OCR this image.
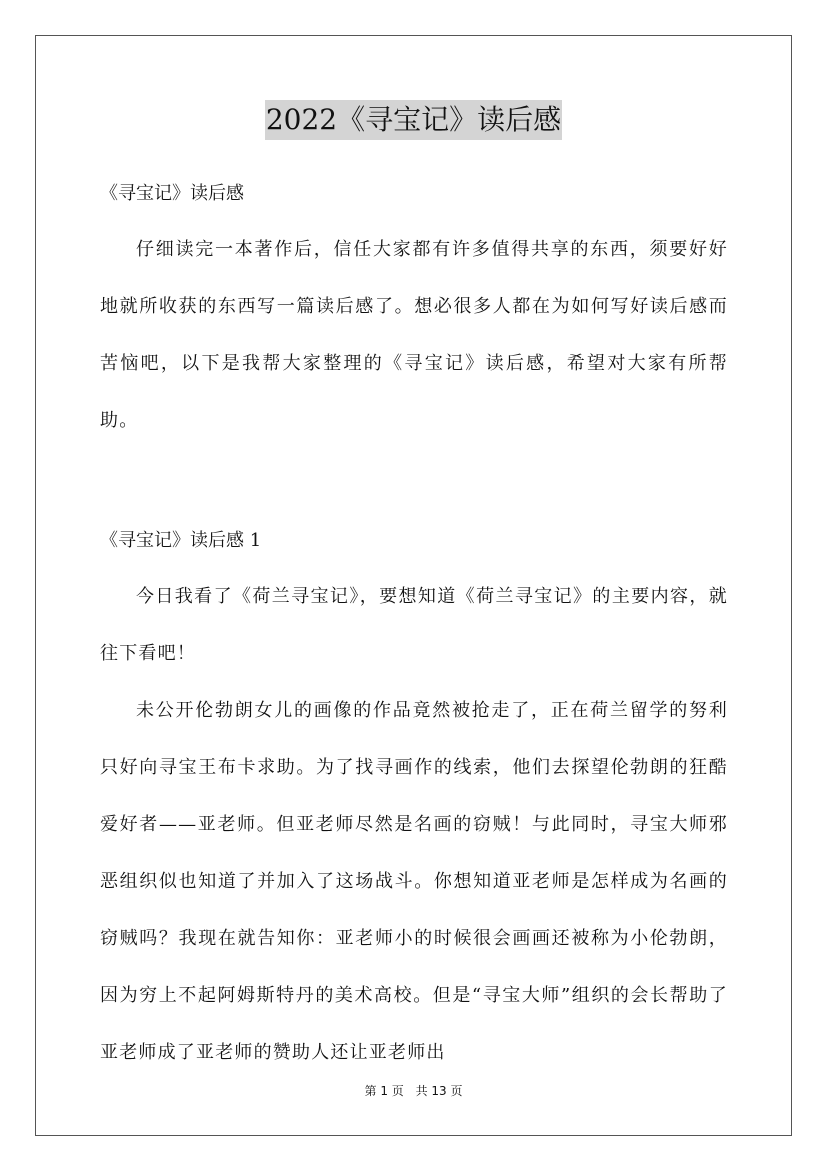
2022《寻宝记》读后感

《寻宝记》读后感

仔细读完一本著作后，信任大家都有许多值得共享的东西，须要好好地就所收获的东西写一篇读后感了。想必很多人都在为如何写好读后感而苦恼吧，以下是我帮大家整理的《寻宝记》读后感，希望对大家有所帮助。

《寻宝记》读后感 1

今日我看了《荷兰寻宝记》，要想知道《荷兰寻宝记》的主要内容，就往下看吧！

未公开伦勃朗女儿的画像的作品竟然被抢走了，正在荷兰留学的努利只好向寻宝王布卡求助。为了找寻画作的线索，他们去探望伦勃朗的狂酷爱好者——亚老师。但亚老师尽然是名画的窃贼！与此同时，寻宝大师邪恶组织似也知道了并加入了这场战斗。你想知道亚老师是怎样成为名画的窃贼吗？我现在就告知你：亚老师小的时候很会画画还被称为小伦勃朗，因为穷上不起阿姆斯特丹的美术高校。但是“寻宝大师”组织的会长帮助了亚老师成了亚老师的赞助人还让亚老师出

第 1 页 共 13 页
